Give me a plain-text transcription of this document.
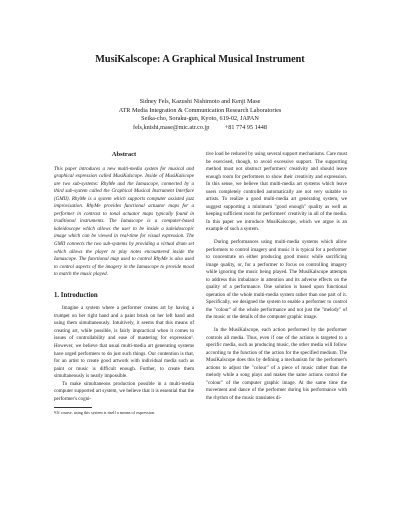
MusiKalscope: A Graphical Musical Instrument
Sidney Fels, Kazushi Nishimoto and Kenji Mase
ATR Media Integration & Communication Research Laboratories
Seika-cho, Soraku-gun, Kyoto, 619-02, JAPAN
fels,knishi,mase@mic.atr.co.jp          +81 774 95 1448
Abstract

This paper introduces a new multi-media system for musical and graphical expression called MusiKalscope. Inside of MusiKalscope are two sub-systems: RhyMe and the Iamascope, connected by a third sub-system called the Graphical Musical Instrument Interface (GMII). RhyMe is a system which supports computer assisted jazz improvisation. RhyMe provides functional actuator maps for a performer in contrast to tonal actuator maps typically found in traditional instruments. The Iamascope is a computer-based kaleidoscope which allows the user to be inside a kaleidoscopic image which can be viewed in real-time for visual expression. The GMII connects the two sub-systems by providing a virtual drum set which allows the player to play notes encountered inside the Iamascope. The functional map used to control RhyMe is also used to control aspects of the imagery in the Iamascope to provide mood to match the music played.

1. Introduction

Imagine a system where a performer creates art by having a trumpet on her right hand and a paint brush on her left hand and using them simultaneously. Intuitively, it seems that this means of creating art, while possible, is fairly impractical when it comes to issues of controllability and ease of mastering for expression¹. However, we believe that usual multi-media art generating systems have urged performers to do just such things. Our contention is that, for an artist to create good artwork with individual media such as paint or music is difficult enough. Further, to create them simultaneously is nearly impossible.

To make simultaneous production possible in a multi-media computer supported art system, we believe that it is essential that the performer's cogni-

¹Of course, using this system is itself a means of expression.

tive load be reduced by using several support mechanisms. Care must be exercised, though, to avoid excessive support. The supporting method must not obstruct performers' creativity and should leave enough room for performers to show their creativity and expression. In this sense, we believe that multi-media art systems which leave users completely controlled automatically are not very suitable to artists. To realize a good multi-media art generating system, we suggest supporting a minimum "good enough" quality as well as keeping sufficient room for performers' creativity in all of the media. In this paper we introduce MusiKalscope, which we argue is an example of such a system.

During performances using multi-media systems which allow performers to control imagery and music it is typical for a performer to concentrate on either producing good music while sacrificing image quality, or, for a performer to focus on controlling imagery while ignoring the music being played. The MusiKalscope attempts to address this imbalance in attention and its adverse effects on the quality of a performance. One solution is based upon functional operation of the whole multi-media system rather than one part of it. Specifically, we designed the system to enable a performer to control the "colour" of the whole performance and not just the "melody" of the music or the details of the computer graphic image.

In the MusiKalscope, each action performed by the performer controls all media. Thus, even if one of the actions is targeted to a specific media, such as producing music, the other media will follow according to the function of the action for the specified medium. The MusiKalscope does this by defining a mechanism for the performer's actions to adjust the "colour" of a piece of music rather than the melody while a song plays and makes the same actions control the "colour" of the computer graphic image. At the same time the movement and dance of the performer during his performance with the rhythm of the music translates di-
